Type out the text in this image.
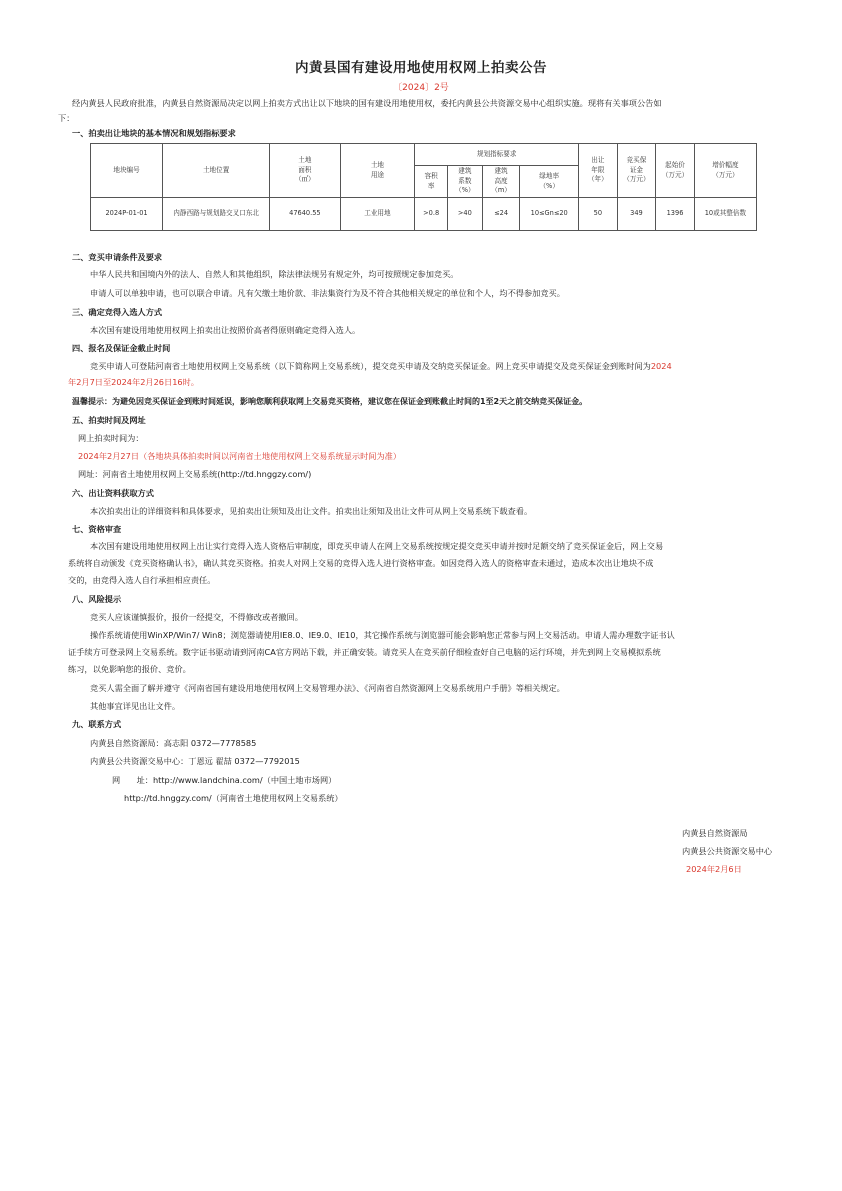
内黄县国有建设用地使用权网上拍卖公告
〔2024〕2号
经内黄县人民政府批准，内黄县自然资源局决定以网上拍卖方式出让以下地块的国有建设用地使用权，委托内黄县公共资源交易中心组织实施。现将有关事项公告如
下：
一、拍卖出让地块的基本情况和规划指标要求
地块编号	土地位置	土地
面积
（㎡）	土地
用途	规划指标要求				出让
年限
（年）	竞买保
证金
（万元）	起始价
（万元）	增价幅度
（万元）
				容积
率	建筑
系数
（%）	建筑
高度
（m）	绿地率
（%）				
2024P-01-01	内静西路与规划路交叉口东北	47640.55	工业用地	>0.8	>40	≤24	10≤Gn≤20	50	349	1396	10或其整倍数
二、竞买申请条件及要求
中华人民共和国境内外的法人、自然人和其他组织，除法律法规另有规定外，均可按照规定参加竞买。
申请人可以单独申请，也可以联合申请。凡有欠缴土地价款、非法集资行为及不符合其他相关规定的单位和个人，均不得参加竞买。
三、确定竞得入选人方式
本次国有建设用地使用权网上拍卖出让按照价高者得原则确定竞得入选人。
四、报名及保证金截止时间
竞买申请人可登陆河南省土地使用权网上交易系统（以下简称网上交易系统），提交竞买申请及交纳竞买保证金。网上竞买申请提交及竞买保证金到账时间为2024
年2月7日至2024年2月26日16时。
温馨提示：为避免因竞买保证金到账时间延误，影响您顺利获取网上交易竞买资格，建议您在保证金到账截止时间的1至2天之前交纳竞买保证金。
五、拍卖时间及网址
网上拍卖时间为：
2024年2月27日（各地块具体拍卖时间以河南省土地使用权网上交易系统显示时间为准）
网址：河南省土地使用权网上交易系统(http://td.hnggzy.com/)
六、出让资料获取方式
本次拍卖出让的详细资料和具体要求，见拍卖出让须知及出让文件。拍卖出让须知及出让文件可从网上交易系统下载查看。
七、资格审查
本次国有建设用地使用权网上出让实行竞得入选人资格后审制度，即竞买申请人在网上交易系统按规定提交竞买申请并按时足额交纳了竞买保证金后，网上交易
系统将自动颁发《竞买资格确认书》，确认其竞买资格。拍卖人对网上交易的竞得入选人进行资格审查。如因竞得入选人的资格审查未通过，造成本次出让地块不成
交的，由竞得入选人自行承担相应责任。
八、风险提示
竞买人应该谨慎报价，报价一经提交，不得修改或者撤回。
操作系统请使用WinXP/Win7/ Win8；浏览器请使用IE8.0、IE9.0、IE10，其它操作系统与浏览器可能会影响您正常参与网上交易活动。申请人需办理数字证书认
证手续方可登录网上交易系统。数字证书驱动请到河南CA官方网站下载，并正确安装。请竞买人在竞买前仔细检查好自己电脑的运行环境，并先到网上交易模拟系统
练习，以免影响您的报价、竞价。
竞买人需全面了解并遵守《河南省国有建设用地使用权网上交易管理办法》、《河南省自然资源网上交易系统用户手册》等相关规定。
其他事宜详见出让文件。
九、联系方式
内黄县自然资源局：高志阳 0372—7778585
内黄县公共资源交易中心：丁恩远 翟喆 0372—7792015
网　　址：http://www.landchina.com/（中国土地市场网）
http://td.hnggzy.com/（河南省土地使用权网上交易系统）
内黄县自然资源局
内黄县公共资源交易中心
2024年2月6日
